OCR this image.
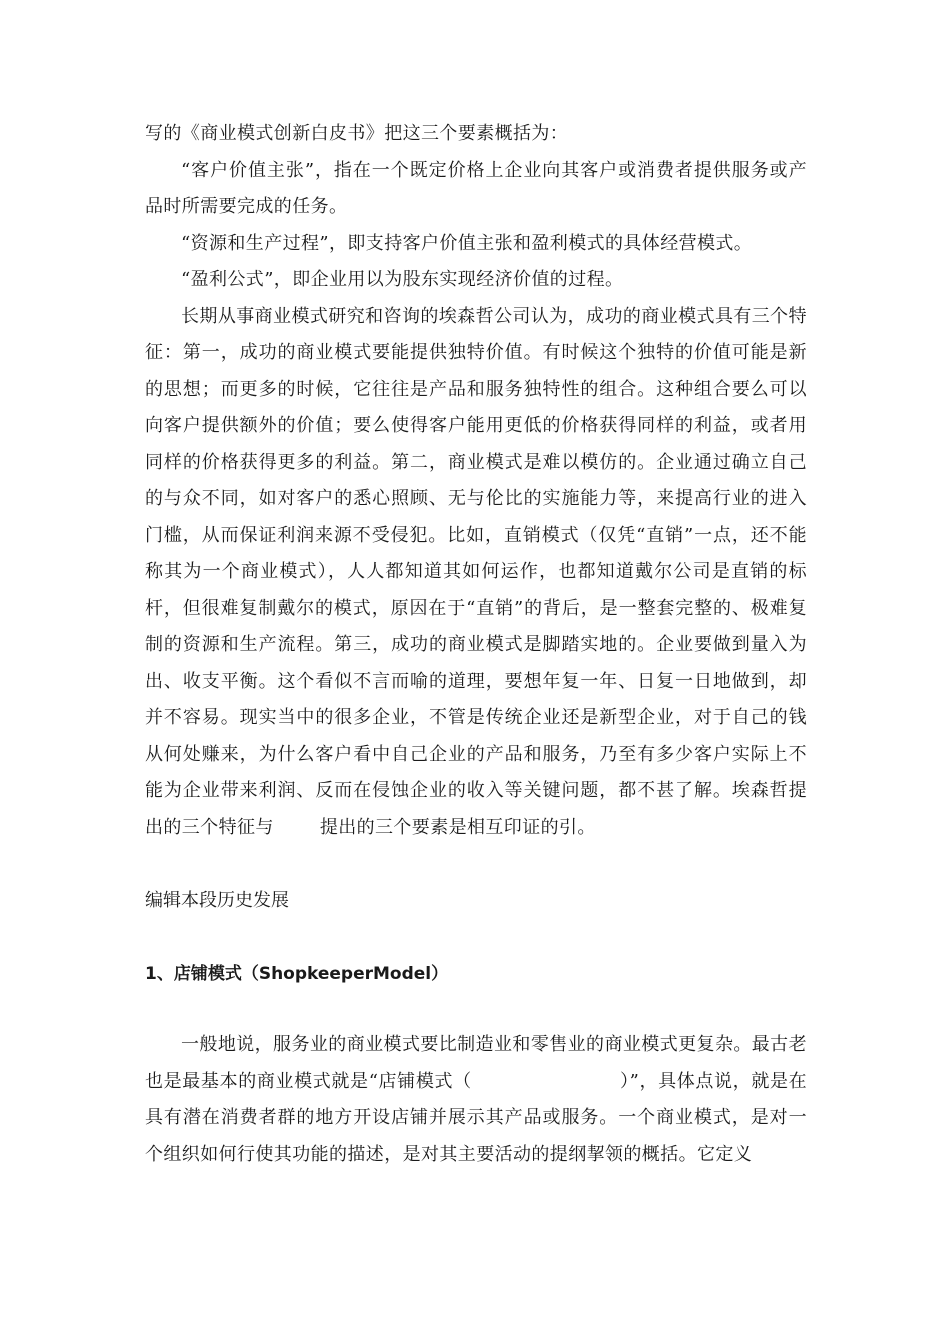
写的《商业模式创新白皮书》把这三个要素概括为：

“客户价值主张”，指在一个既定价格上企业向其客户或消费者提供服务或产品时所需要完成的任务。

“资源和生产过程”，即支持客户价值主张和盈利模式的具体经营模式。

“盈利公式”，即企业用以为股东实现经济价值的过程。

长期从事商业模式研究和咨询的埃森哲公司认为，成功的商业模式具有三个特征：第一，成功的商业模式要能提供独特价值。有时候这个独特的价值可能是新的思想；而更多的时候，它往往是产品和服务独特性的组合。这种组合要么可以向客户提供额外的价值；要么使得客户能用更低的价格获得同样的利益，或者用同样的价格获得更多的利益。第二，商业模式是难以模仿的。企业通过确立自己的与众不同，如对客户的悉心照顾、无与伦比的实施能力等，来提高行业的进入门槛，从而保证利润来源不受侵犯。比如，直销模式（仅凭“直销”一点，还不能称其为一个商业模式），人人都知道其如何运作，也都知道戴尔公司是直销的标杆，但很难复制戴尔的模式，原因在于“直销”的背后，是一整套完整的、极难复制的资源和生产流程。第三，成功的商业模式是脚踏实地的。企业要做到量入为出、收支平衡。这个看似不言而喻的道理，要想年复一年、日复一日地做到，却并不容易。现实当中的很多企业，不管是传统企业还是新型企业，对于自己的钱从何处赚来，为什么客户看中自己企业的产品和服务，乃至有多少客户实际上不能为企业带来利润、反而在侵蚀企业的收入等关键问题，都不甚了解。埃森哲提出的三个特征与	提出的三个要素是相互印证的引。

编辑本段历史发展

1、店铺模式（ShopkeeperModel）

一般地说，服务业的商业模式要比制造业和零售业的商业模式更复杂。最古老也是最基本的商业模式就是“店铺模式（	）”，具体点说，就是在具有潜在消费者群的地方开设店铺并展示其产品或服务。一个商业模式，是对一个组织如何行使其功能的描述，是对其主要活动的提纲挈领的概括。它定义
